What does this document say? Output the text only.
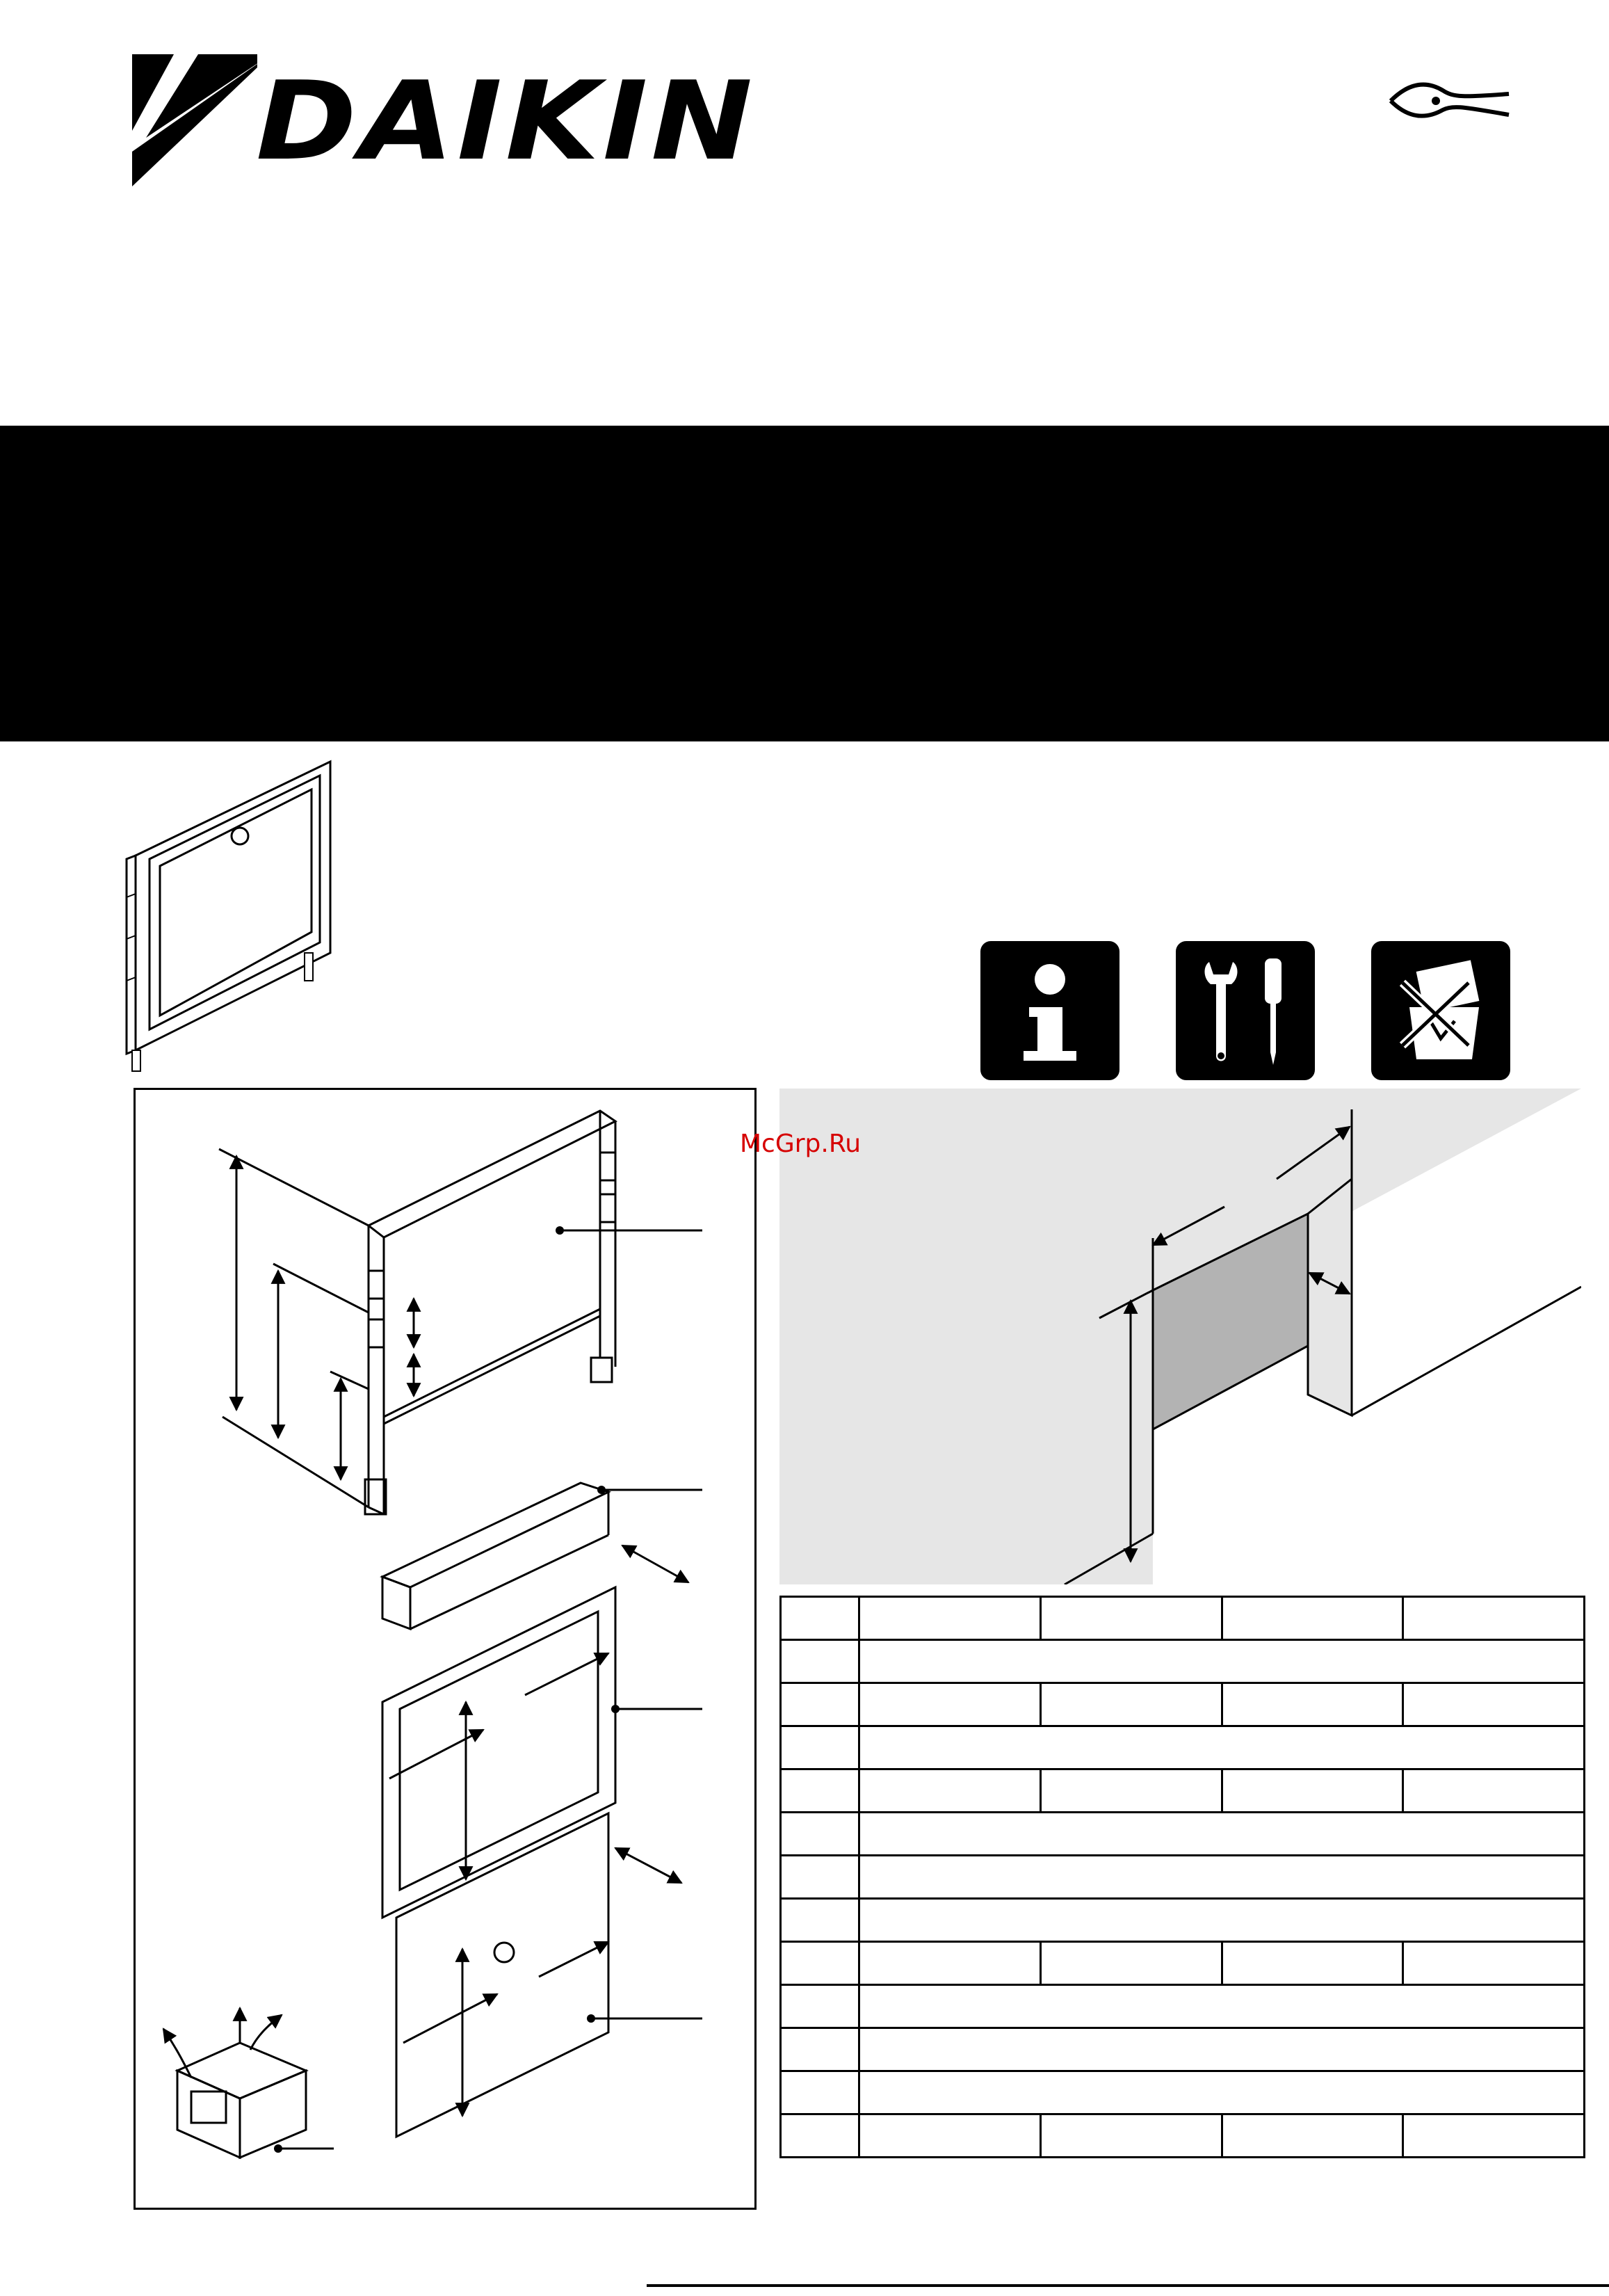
DAIKIN
McGrp.Ru
